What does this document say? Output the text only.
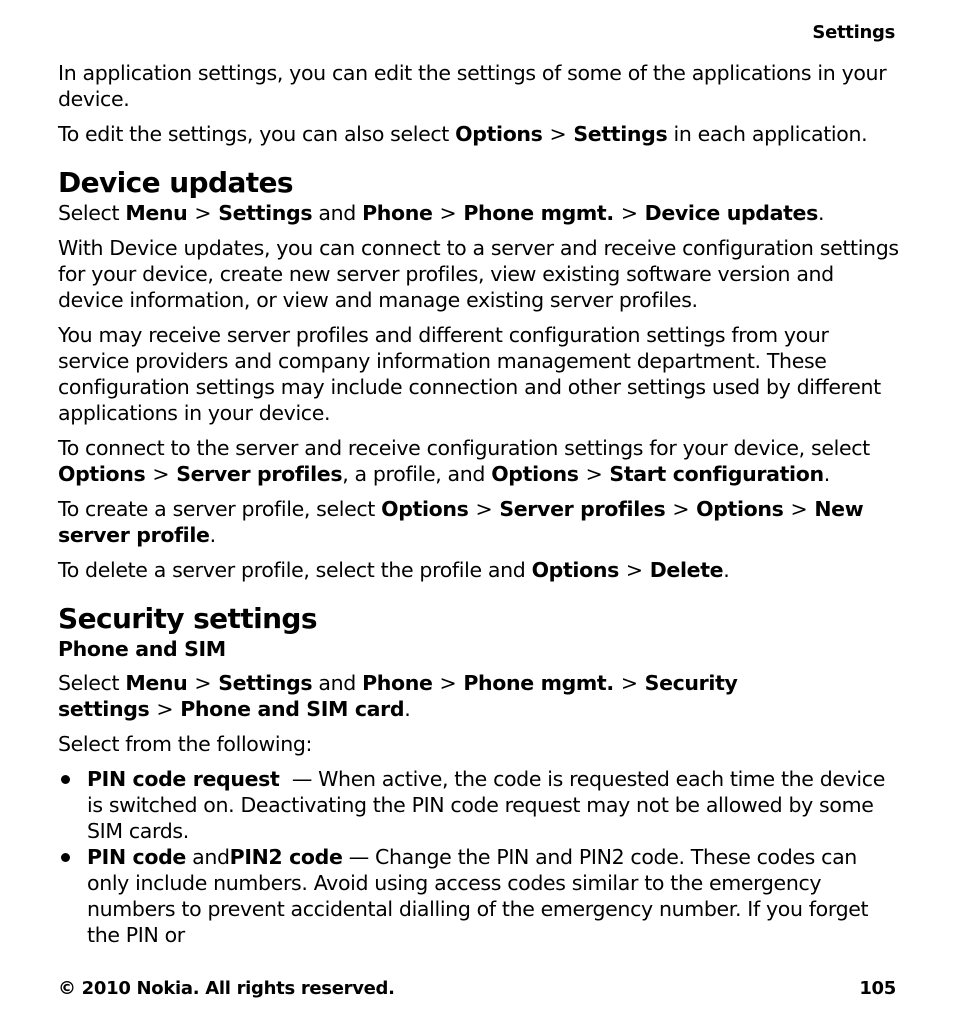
Settings

In application settings, you can edit the settings of some of the applications in your device.

To edit the settings, you can also select Options > Settings in each application.

Device updates

Select Menu > Settings and Phone > Phone mgmt. > Device updates.

With Device updates, you can connect to a server and receive configuration settings for your device, create new server profiles, view existing software version and device information, or view and manage existing server profiles.

You may receive server profiles and different configuration settings from your service providers and company information management department. These configuration settings may include connection and other settings used by different applications in your device.

To connect to the server and receive configuration settings for your device, select Options > Server profiles, a profile, and Options > Start configuration.

To create a server profile, select Options > Server profiles > Options > New server profile.

To delete a server profile, select the profile and Options > Delete.

Security settings
Phone and SIM

Select Menu > Settings and Phone > Phone mgmt. > Security settings > Phone and SIM card.

Select from the following:

PIN code request  — When active, the code is requested each time the device is switched on. Deactivating the PIN code request may not be allowed by some SIM cards.
PIN code andPIN2 code — Change the PIN and PIN2 code. These codes can only include numbers. Avoid using access codes similar to the emergency numbers to prevent accidental dialling of the emergency number. If you forget the PIN or
© 2010 Nokia. All rights reserved.	105
